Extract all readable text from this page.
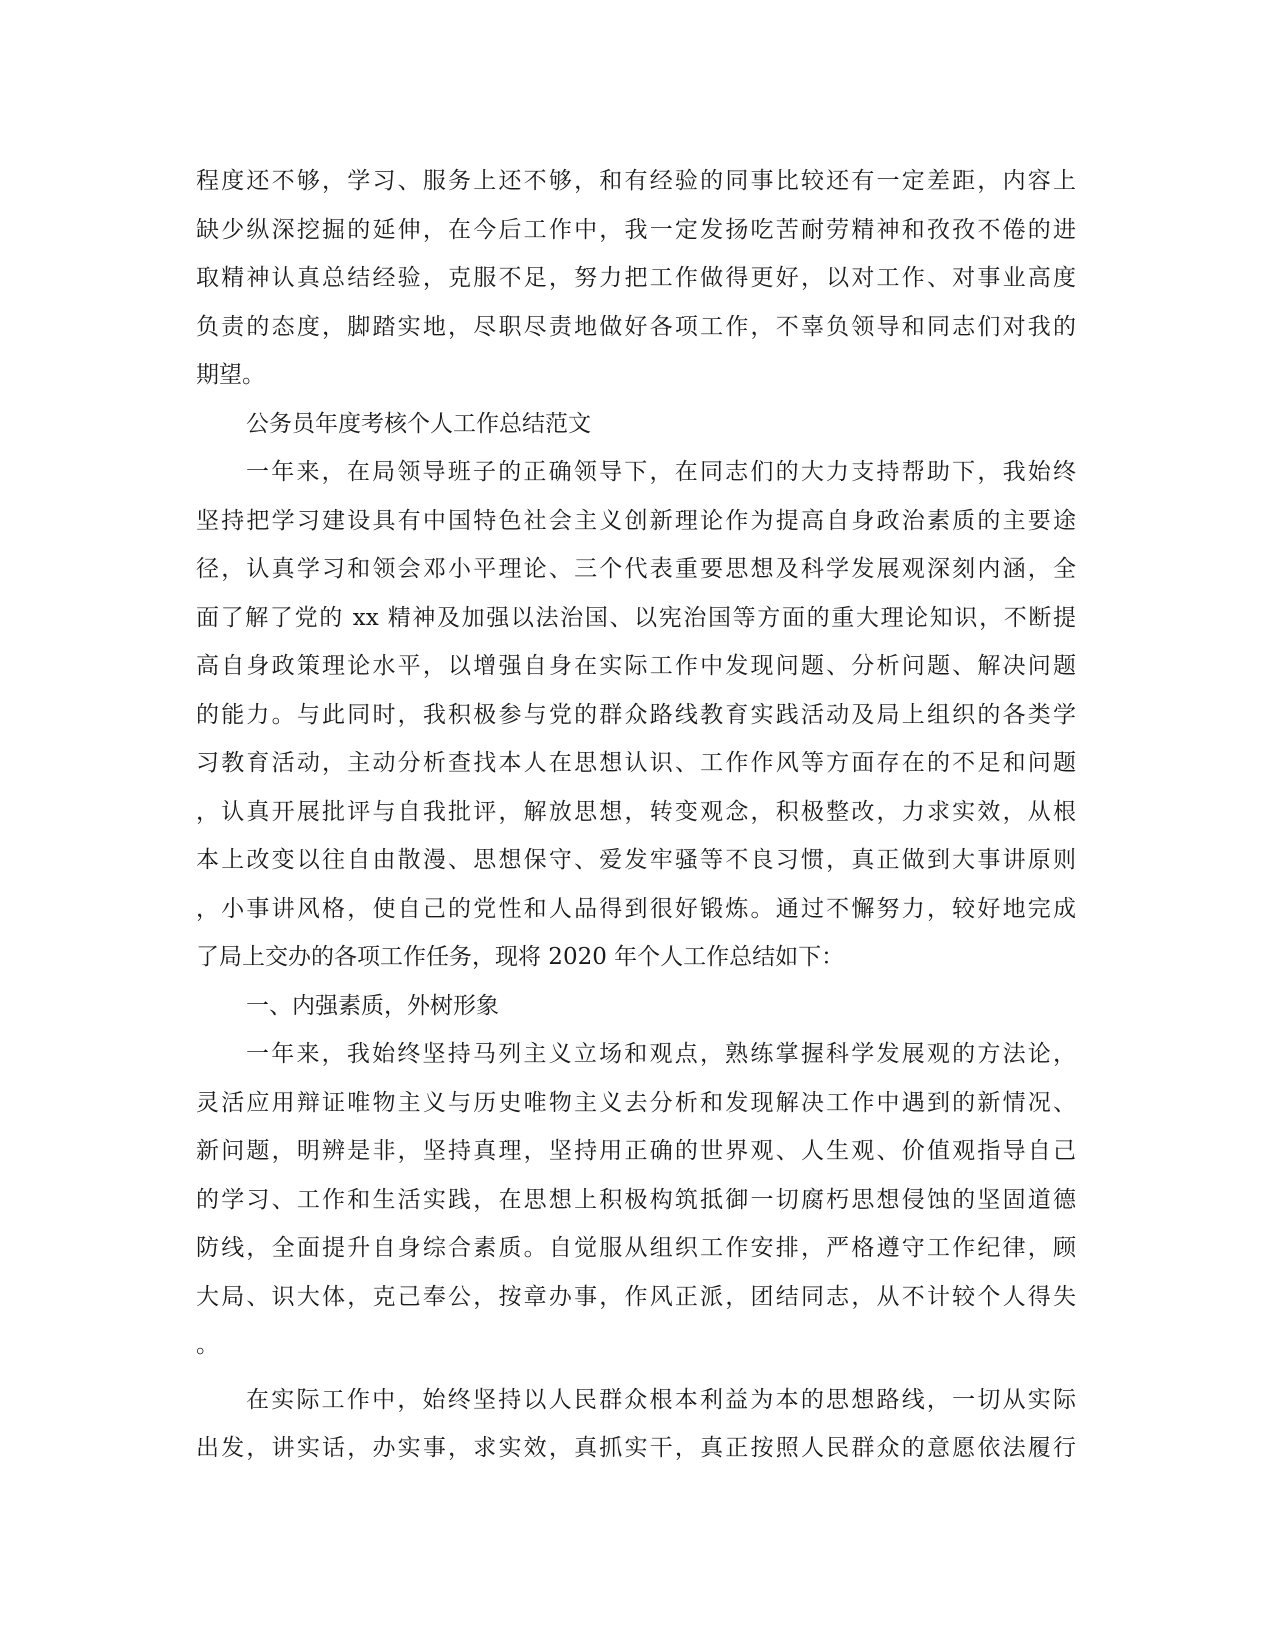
程度还不够，学习、服务上还不够，和有经验的同事比较还有一定差距，内容上
缺少纵深挖掘的延伸，在今后工作中，我一定发扬吃苦耐劳精神和孜孜不倦的进
取精神认真总结经验，克服不足，努力把工作做得更好，以对工作、对事业高度
负责的态度，脚踏实地，尽职尽责地做好各项工作，不辜负领导和同志们对我的
期望。
公务员年度考核个人工作总结范文
一年来，在局领导班子的正确领导下，在同志们的大力支持帮助下，我始终
坚持把学习建设具有中国特色社会主义创新理论作为提高自身政治素质的主要途
径，认真学习和领会邓小平理论、三个代表重要思想及科学发展观深刻内涵，全
面了解了党的 xx 精神及加强以法治国、以宪治国等方面的重大理论知识，不断提
高自身政策理论水平，以增强自身在实际工作中发现问题、分析问题、解决问题
的能力。与此同时，我积极参与党的群众路线教育实践活动及局上组织的各类学
习教育活动，主动分析查找本人在思想认识、工作作风等方面存在的不足和问题
，认真开展批评与自我批评，解放思想，转变观念，积极整改，力求实效，从根
本上改变以往自由散漫、思想保守、爱发牢骚等不良习惯，真正做到大事讲原则
，小事讲风格，使自己的党性和人品得到很好锻炼。通过不懈努力，较好地完成
了局上交办的各项工作任务，现将 2020 年个人工作总结如下：
一、内强素质，外树形象
一年来，我始终坚持马列主义立场和观点，熟练掌握科学发展观的方法论，
灵活应用辩证唯物主义与历史唯物主义去分析和发现解决工作中遇到的新情况、
新问题，明辨是非，坚持真理，坚持用正确的世界观、人生观、价值观指导自己
的学习、工作和生活实践，在思想上积极构筑抵御一切腐朽思想侵蚀的坚固道德
防线，全面提升自身综合素质。自觉服从组织工作安排，严格遵守工作纪律，顾
大局、识大体，克己奉公，按章办事，作风正派，团结同志，从不计较个人得失
。
在实际工作中，始终坚持以人民群众根本利益为本的思想路线，一切从实际
出发，讲实话，办实事，求实效，真抓实干，真正按照人民群众的意愿依法履行
